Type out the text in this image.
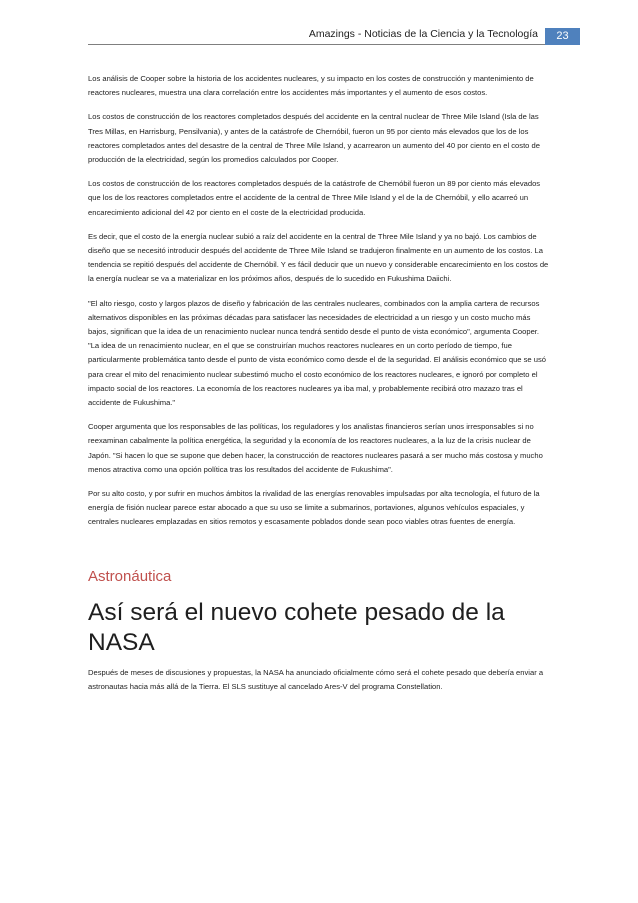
Amazings - Noticias de la Ciencia y la Tecnología	23

Los análisis de Cooper sobre la historia de los accidentes nucleares, y su impacto en los costes de construcción y mantenimiento de reactores nucleares, muestra una clara correlación entre los accidentes más importantes y el aumento de esos costos.

Los costos de construcción de los reactores completados después del accidente en la central nuclear de Three Mile Island (Isla de las Tres Millas, en Harrisburg, Pensilvania), y antes de la catástrofe de Chernóbil, fueron un 95 por ciento más elevados que los de los reactores completados antes del desastre de la central de Three Mile Island, y acarrearon un aumento del 40 por ciento en el costo de producción de la electricidad, según los promedios calculados por Cooper.

Los costos de construcción de los reactores completados después de la catástrofe de Chernóbil fueron un 89 por ciento más elevados que los de los reactores completados entre el accidente de la central de Three Mile Island y el de la de Chernóbil, y ello acarreó un encarecimiento adicional del 42 por ciento en el coste de la electricidad producida.

Es decir, que el costo de la energía nuclear subió a raíz del accidente en la central de Three Mile Island y ya no bajó. Los cambios de diseño que se necesitó introducir después del accidente de Three Mile Island se tradujeron finalmente en un aumento de los costos. La tendencia se repitió después del accidente de Chernóbil. Y es fácil deducir que un nuevo y considerable encarecimiento en los costos de la energía nuclear se va a materializar en los próximos años, después de lo sucedido en Fukushima Daiichi.

"El alto riesgo, costo y largos plazos de diseño y fabricación de las centrales nucleares, combinados con la amplia cartera de recursos alternativos disponibles en las próximas décadas para satisfacer las necesidades de electricidad a un riesgo y un costo mucho más bajos, significan que la idea de un renacimiento nuclear nunca tendrá sentido desde el punto de vista económico", argumenta Cooper. "La idea de un renacimiento nuclear, en el que se construirían muchos reactores nucleares en un corto período de tiempo, fue particularmente problemática tanto desde el punto de vista económico como desde el de la seguridad. El análisis económico que se usó para crear el mito del renacimiento nuclear subestimó mucho el costo económico de los reactores nucleares, e ignoró por completo el impacto social de los reactores. La economía de los reactores nucleares ya iba mal, y probablemente recibirá otro mazazo tras el accidente de Fukushima."

Cooper argumenta que los responsables de las políticas, los reguladores y los analistas financieros serían unos irresponsables si no reexaminan cabalmente la política energética, la seguridad y la economía de los reactores nucleares, a la luz de la crisis nuclear de Japón. "Si hacen lo que se supone que deben hacer, la construcción de reactores nucleares pasará a ser mucho más costosa y mucho menos atractiva como una opción política tras los resultados del accidente de Fukushima".

Por su alto costo, y por sufrir en muchos ámbitos la rivalidad de las energías renovables impulsadas por alta tecnología, el futuro de la energía de fisión nuclear parece estar abocado a que su uso se limite a submarinos, portaviones, algunos vehículos espaciales, y centrales nucleares emplazadas en sitios remotos y escasamente poblados donde sean poco viables otras fuentes de energía.

Astronáutica
Así será el nuevo cohete pesado de la NASA

Después de meses de discusiones y propuestas, la NASA ha anunciado oficialmente cómo será el cohete pesado que debería enviar a astronautas hacia más allá de la Tierra. El SLS sustituye al cancelado Ares-V del programa Constellation.
